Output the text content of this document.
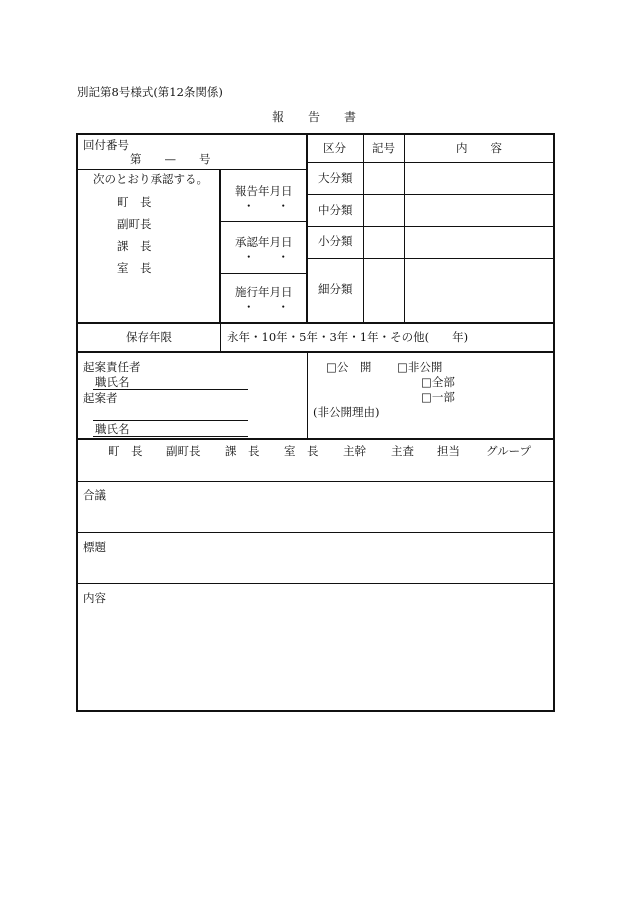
別記第8号様式(第12条関係)
報　　告　　書
回付番号
第　　—　　号
区分 記号	内　　容
大分類
中分類
小分類
細分類
次のとおり承認する。
町　長
副町長
課　長
室　長
報告年月日
・　　・
承認年月日
・　　・
施行年月日
・　　・
保存年限	永年・10年・5年・3年・1年・その他(　　年)
起案責任者
職氏名
起案者
職氏名
□公　開 □非公開
□全部
□一部
(非公開理由)
町　長 副町長 課　長 室　長 主幹 主査 担当 グループ
合議
標題
内容
